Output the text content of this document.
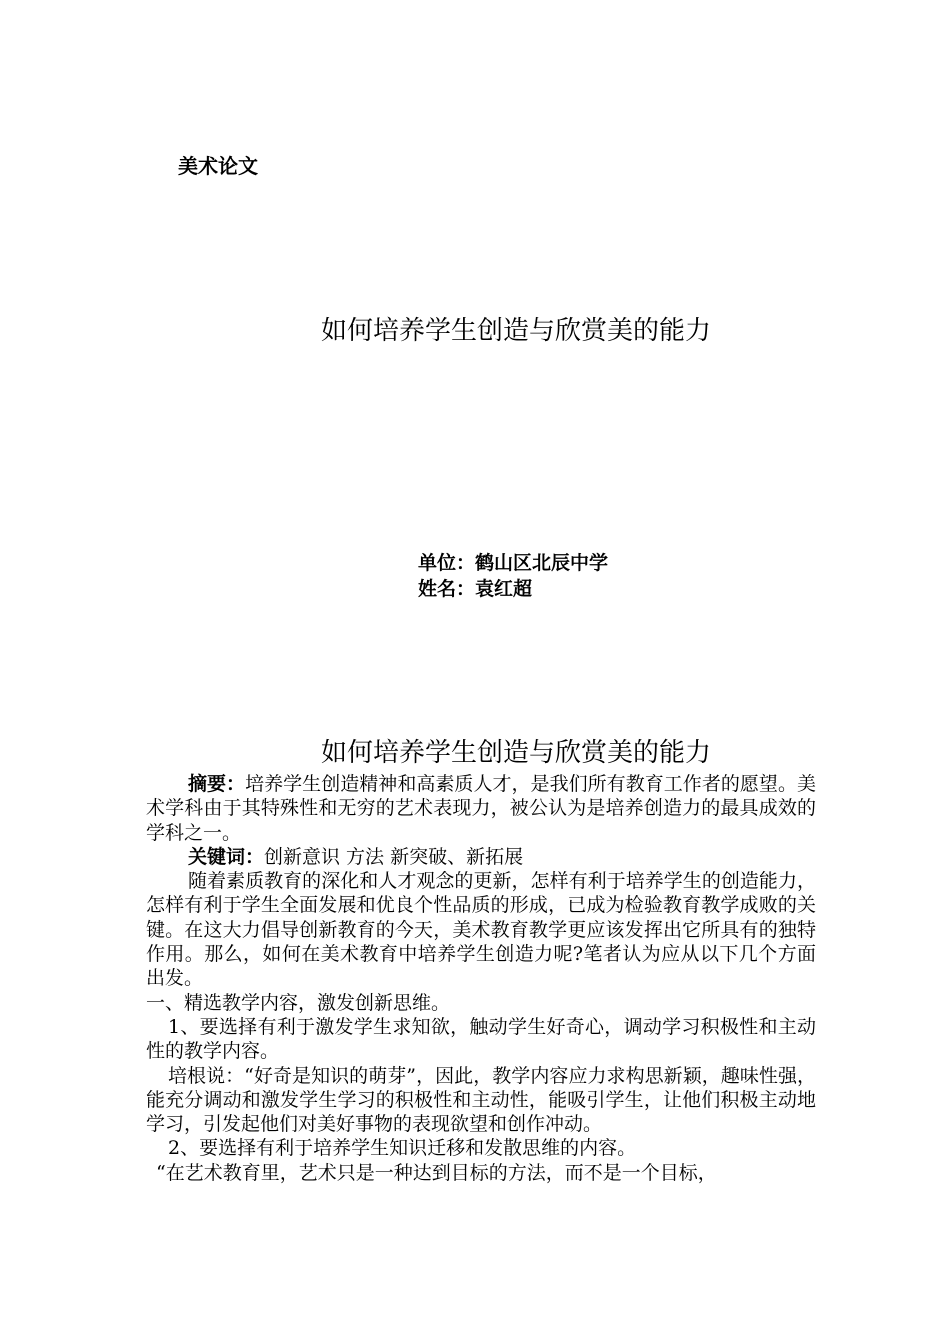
美术论文
如何培养学生创造与欣赏美的能力
单位：鹤山区北辰中学
姓名：袁红超
如何培养学生创造与欣赏美的能力

摘要：培养学生创造精神和高素质人才，是我们所有教育工作者的愿望。美术学科由于其特殊性和无穷的艺术表现力，被公认为是培养创造力的最具成效的学科之一。

关键词：创新意识 方法 新突破、新拓展

随着素质教育的深化和人才观念的更新，怎样有利于培养学生的创造能力，怎样有利于学生全面发展和优良个性品质的形成，已成为检验教育教学成败的关键。在这大力倡导创新教育的今天，美术教育教学更应该发挥出它所具有的独特作用。那么，如何在美术教育中培养学生创造力呢?笔者认为应从以下几个方面出发。

一、精选教学内容，激发创新思维。

1、要选择有利于激发学生求知欲，触动学生好奇心，调动学习积极性和主动性的教学内容。

培根说：“好奇是知识的萌芽”，因此，教学内容应力求构思新颖，趣味性强，能充分调动和激发学生学习的积极性和主动性，能吸引学生，让他们积极主动地学习，引发起他们对美好事物的表现欲望和创作冲动。

2、要选择有利于培养学生知识迁移和发散思维的内容。

“在艺术教育里，艺术只是一种达到目标的方法，而不是一个目标，
